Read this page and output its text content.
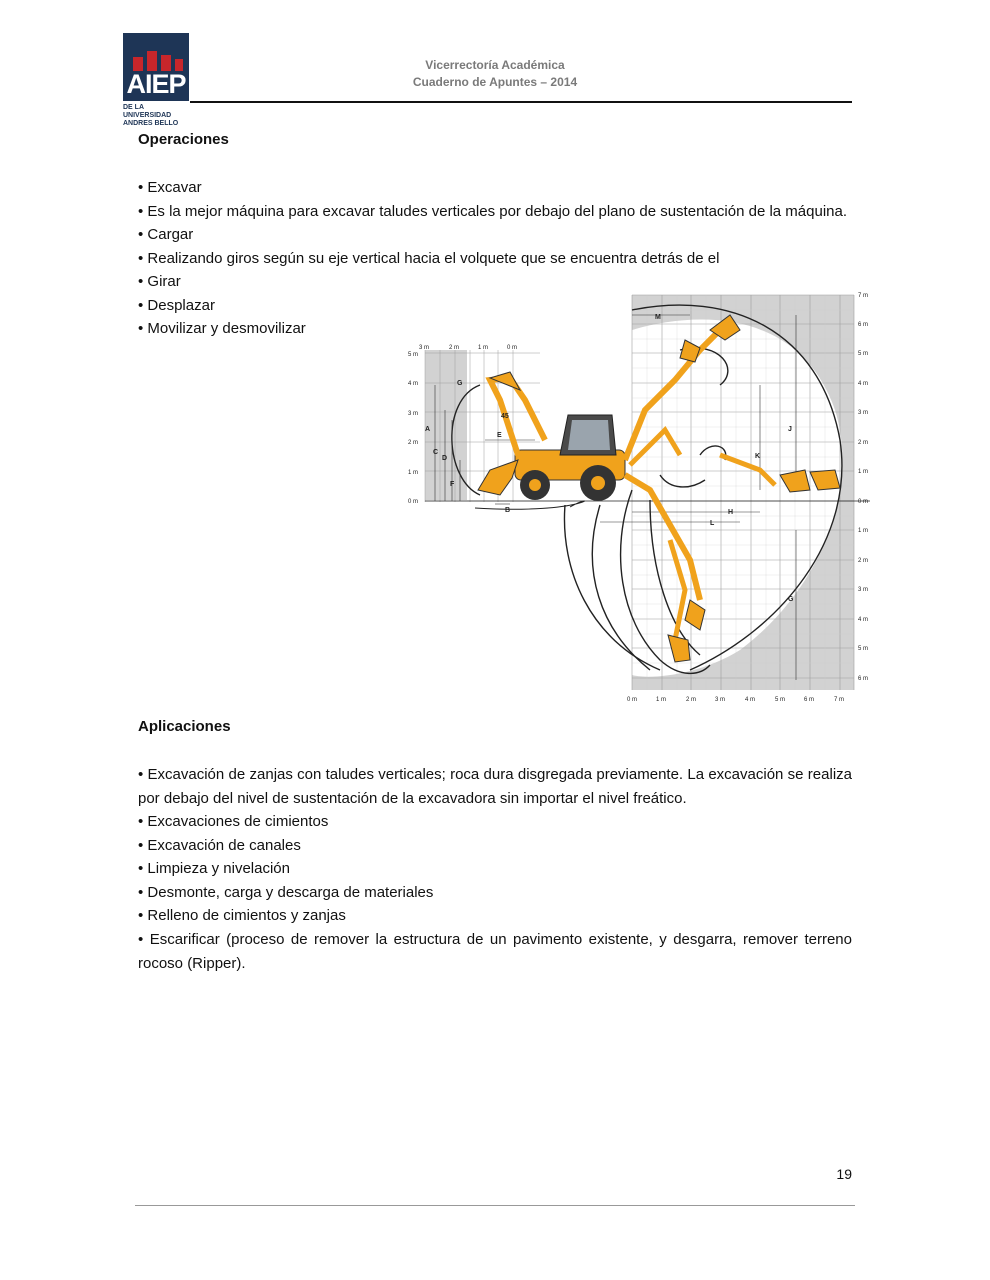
AIEP
DE LA UNIVERSIDAD
ANDRES BELLO
Vicerrectoría Académica
Cuaderno de Apuntes – 2014
Operaciones
• Excavar
• Es la mejor máquina para excavar taludes verticales por debajo del plano de sustentación de la máquina.
• Cargar
• Realizando giros según su eje vertical hacia el volquete que se encuentra detrás de el
• Girar
• Desplazar
• Movilizar y desmovilizar
3 m	2 m	1 m	0 m
5 m
4 m
3 m
2 m
1 m
0 m
7 m
6 m
5 m
4 m
3 m
2 m
1 m
0 m
1 m
2 m
3 m
4 m
5 m
6 m
0 m	1 m	2 m	3 m	4 m	5 m	6 m	7 m
A
B
C
D
E
F
G
45
M
J
K
H
L
G
Aplicaciones

• Excavación de zanjas con taludes verticales; roca dura disgregada previamente. La excavación se realiza por debajo del nivel de sustentación de la excavadora sin importar el nivel freático.

• Excavaciones de cimientos
• Excavación de canales
• Limpieza y nivelación
• Desmonte, carga y descarga de materiales
• Relleno de cimientos y zanjas

• Escarificar (proceso de remover la estructura de un pavimento existente, y desgarra, remover terreno rocoso (Ripper).

19
